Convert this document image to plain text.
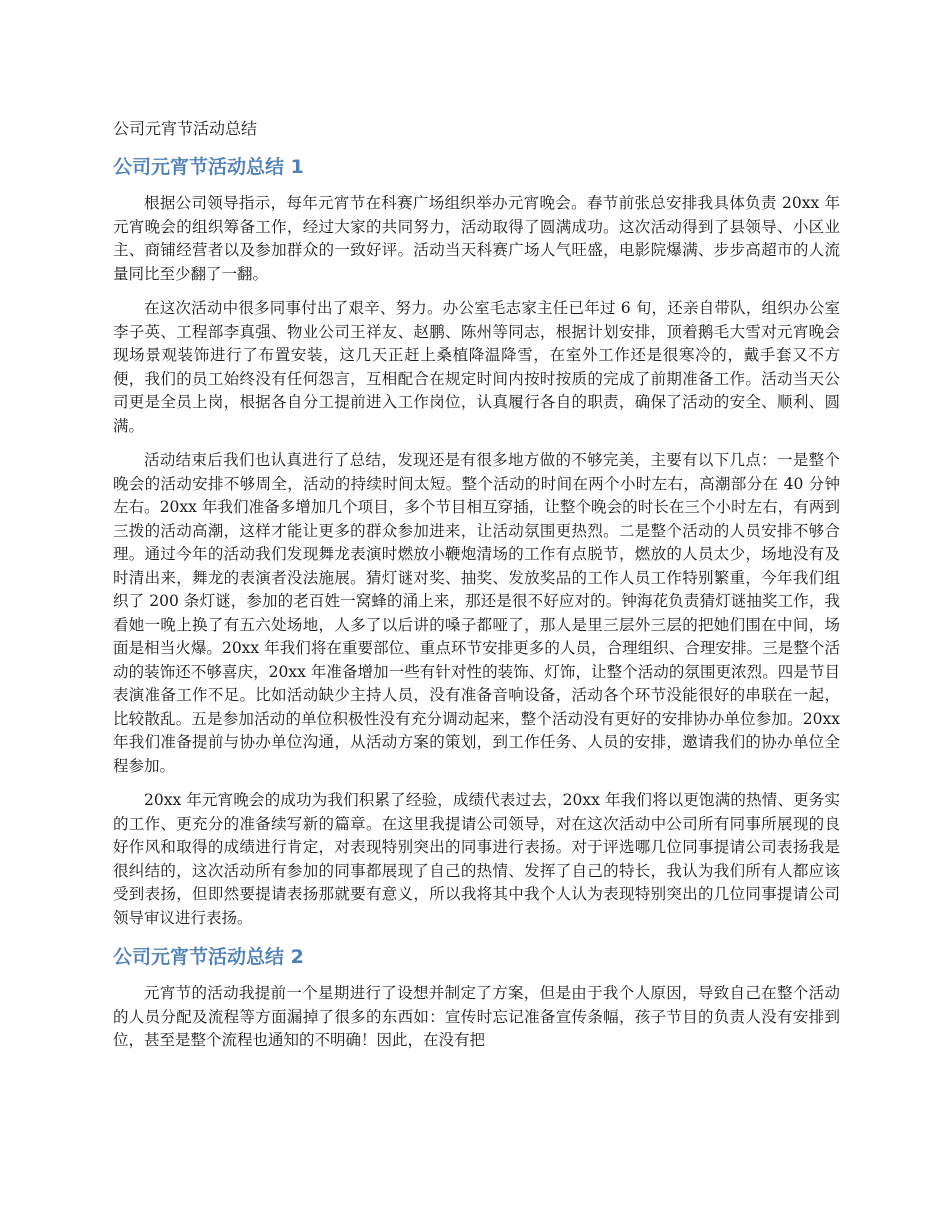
公司元宵节活动总结
公司元宵节活动总结 1

根据公司领导指示，每年元宵节在科赛广场组织举办元宵晚会。春节前张总安排我具体负责 20xx 年元宵晚会的组织筹备工作，经过大家的共同努力，活动取得了圆满成功。这次活动得到了县领导、小区业主、商铺经营者以及参加群众的一致好评。活动当天科赛广场人气旺盛，电影院爆满、步步高超市的人流量同比至少翻了一翻。

在这次活动中很多同事付出了艰辛、努力。办公室毛志家主任已年过 6 旬，还亲自带队，组织办公室李子英、工程部李真强、物业公司王祥友、赵鹏、陈州等同志，根据计划安排，顶着鹅毛大雪对元宵晚会现场景观装饰进行了布置安装，这几天正赶上桑植降温降雪，在室外工作还是很寒冷的，戴手套又不方便，我们的员工始终没有任何怨言，互相配合在规定时间内按时按质的完成了前期准备工作。活动当天公司更是全员上岗，根据各自分工提前进入工作岗位，认真履行各自的职责，确保了活动的安全、顺利、圆满。

活动结束后我们也认真进行了总结，发现还是有很多地方做的不够完美，主要有以下几点：一是整个晚会的活动安排不够周全，活动的持续时间太短。整个活动的时间在两个小时左右，高潮部分在 40 分钟左右。20xx 年我们准备多增加几个项目，多个节目相互穿插，让整个晚会的时长在三个小时左右，有两到三拨的活动高潮，这样才能让更多的群众参加进来，让活动氛围更热烈。二是整个活动的人员安排不够合理。通过今年的活动我们发现舞龙表演时燃放小鞭炮清场的工作有点脱节，燃放的人员太少，场地没有及时清出来，舞龙的表演者没法施展。猜灯谜对奖、抽奖、发放奖品的工作人员工作特别繁重，今年我们组织了 200 条灯谜，参加的老百姓一窝蜂的涌上来，那还是很不好应对的。钟海花负责猜灯谜抽奖工作，我看她一晚上换了有五六处场地，人多了以后讲的嗓子都哑了，那人是里三层外三层的把她们围在中间，场面是相当火爆。20xx 年我们将在重要部位、重点环节安排更多的人员，合理组织、合理安排。三是整个活动的装饰还不够喜庆，20xx 年准备增加一些有针对性的装饰、灯饰，让整个活动的氛围更浓烈。四是节目表演准备工作不足。比如活动缺少主持人员，没有准备音响设备，活动各个环节没能很好的串联在一起，比较散乱。五是参加活动的单位积极性没有充分调动起来，整个活动没有更好的安排协办单位参加。20xx 年我们准备提前与协办单位沟通，从活动方案的策划，到工作任务、人员的安排，邀请我们的协办单位全程参加。

20xx 年元宵晚会的成功为我们积累了经验，成绩代表过去，20xx 年我们将以更饱满的热情、更务实的工作、更充分的准备续写新的篇章。在这里我提请公司领导，对在这次活动中公司所有同事所展现的良好作风和取得的成绩进行肯定，对表现特别突出的同事进行表扬。对于评选哪几位同事提请公司表扬我是很纠结的，这次活动所有参加的同事都展现了自己的热情、发挥了自己的特长，我认为我们所有人都应该受到表扬，但即然要提请表扬那就要有意义，所以我将其中我个人认为表现特别突出的几位同事提请公司领导审议进行表扬。

公司元宵节活动总结 2

元宵节的活动我提前一个星期进行了设想并制定了方案，但是由于我个人原因，导致自己在整个活动的人员分配及流程等方面漏掉了很多的东西如：宣传时忘记准备宣传条幅，孩子节目的负责人没有安排到位，甚至是整个流程也通知的不明确！因此，在没有把
